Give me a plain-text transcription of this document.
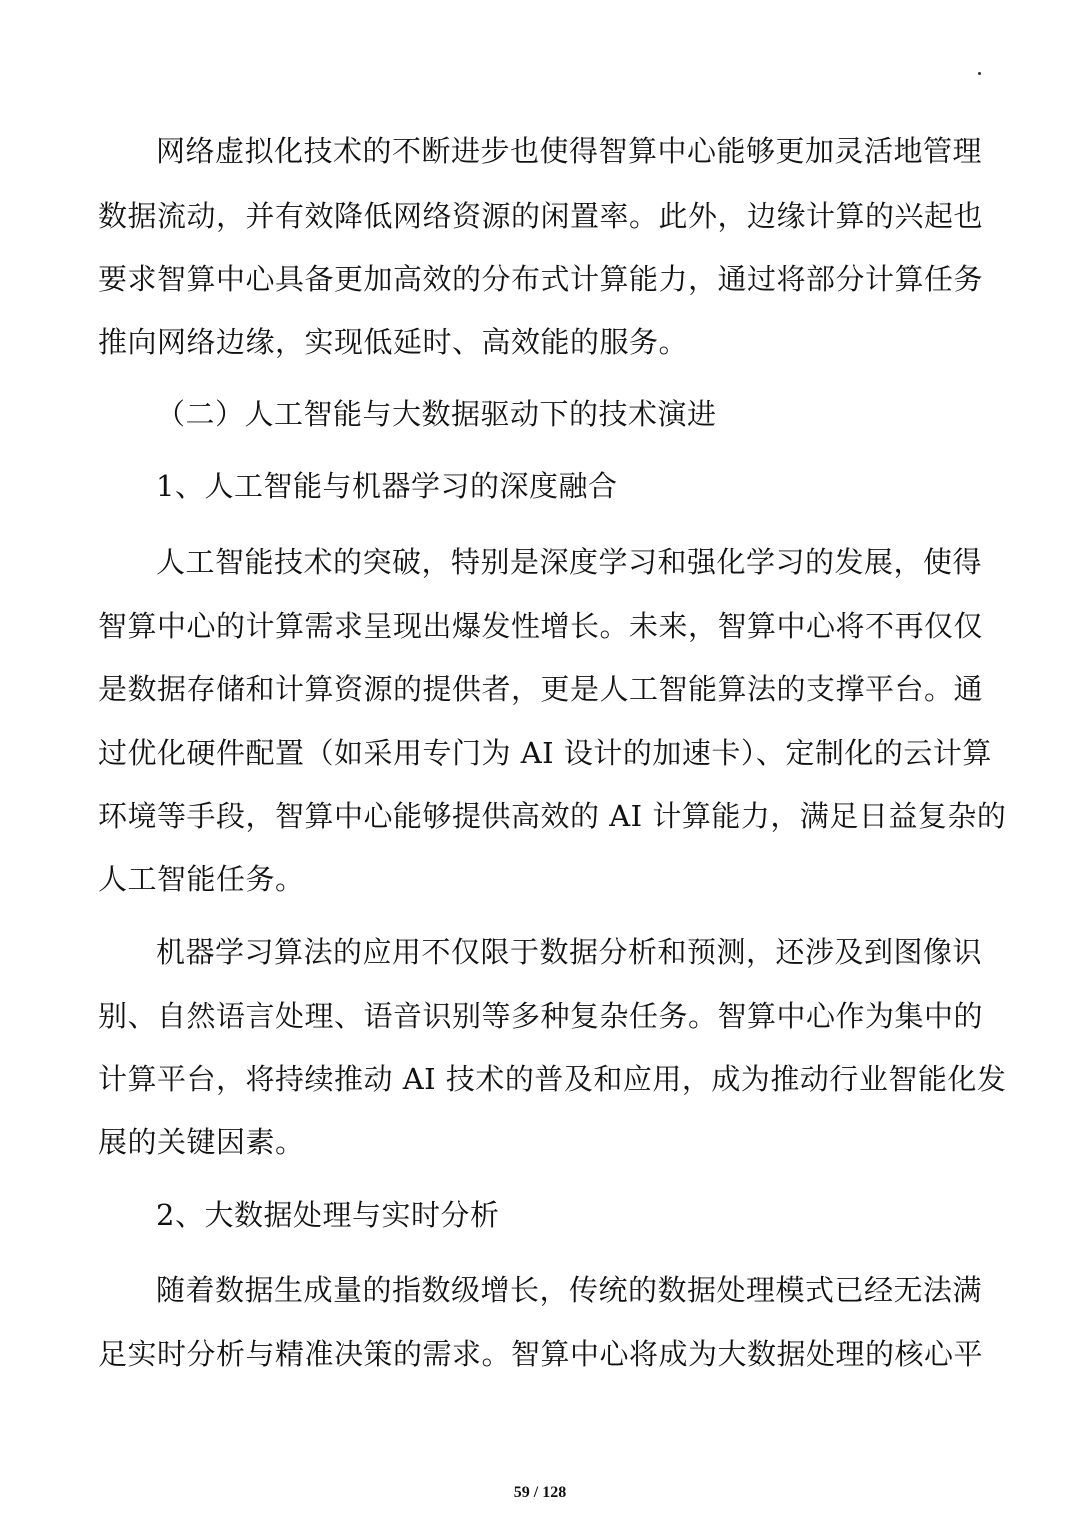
网络虚拟化技术的不断进步也使得智算中心能够更加灵活地管理
数据流动，并有效降低网络资源的闲置率。此外，边缘计算的兴起也
要求智算中心具备更加高效的分布式计算能力，通过将部分计算任务
推向网络边缘，实现低延时、高效能的服务。
（二）人工智能与大数据驱动下的技术演进
1、人工智能与机器学习的深度融合
人工智能技术的突破，特别是深度学习和强化学习的发展，使得
智算中心的计算需求呈现出爆发性增长。未来，智算中心将不再仅仅
是数据存储和计算资源的提供者，更是人工智能算法的支撑平台。通
过优化硬件配置（如采用专门为 AI 设计的加速卡）、定制化的云计算
环境等手段，智算中心能够提供高效的 AI 计算能力，满足日益复杂的
人工智能任务。
机器学习算法的应用不仅限于数据分析和预测，还涉及到图像识
别、自然语言处理、语音识别等多种复杂任务。智算中心作为集中的
计算平台，将持续推动 AI 技术的普及和应用，成为推动行业智能化发
展的关键因素。
2、大数据处理与实时分析
随着数据生成量的指数级增长，传统的数据处理模式已经无法满
足实时分析与精准决策的需求。智算中心将成为大数据处理的核心平
59 / 128
